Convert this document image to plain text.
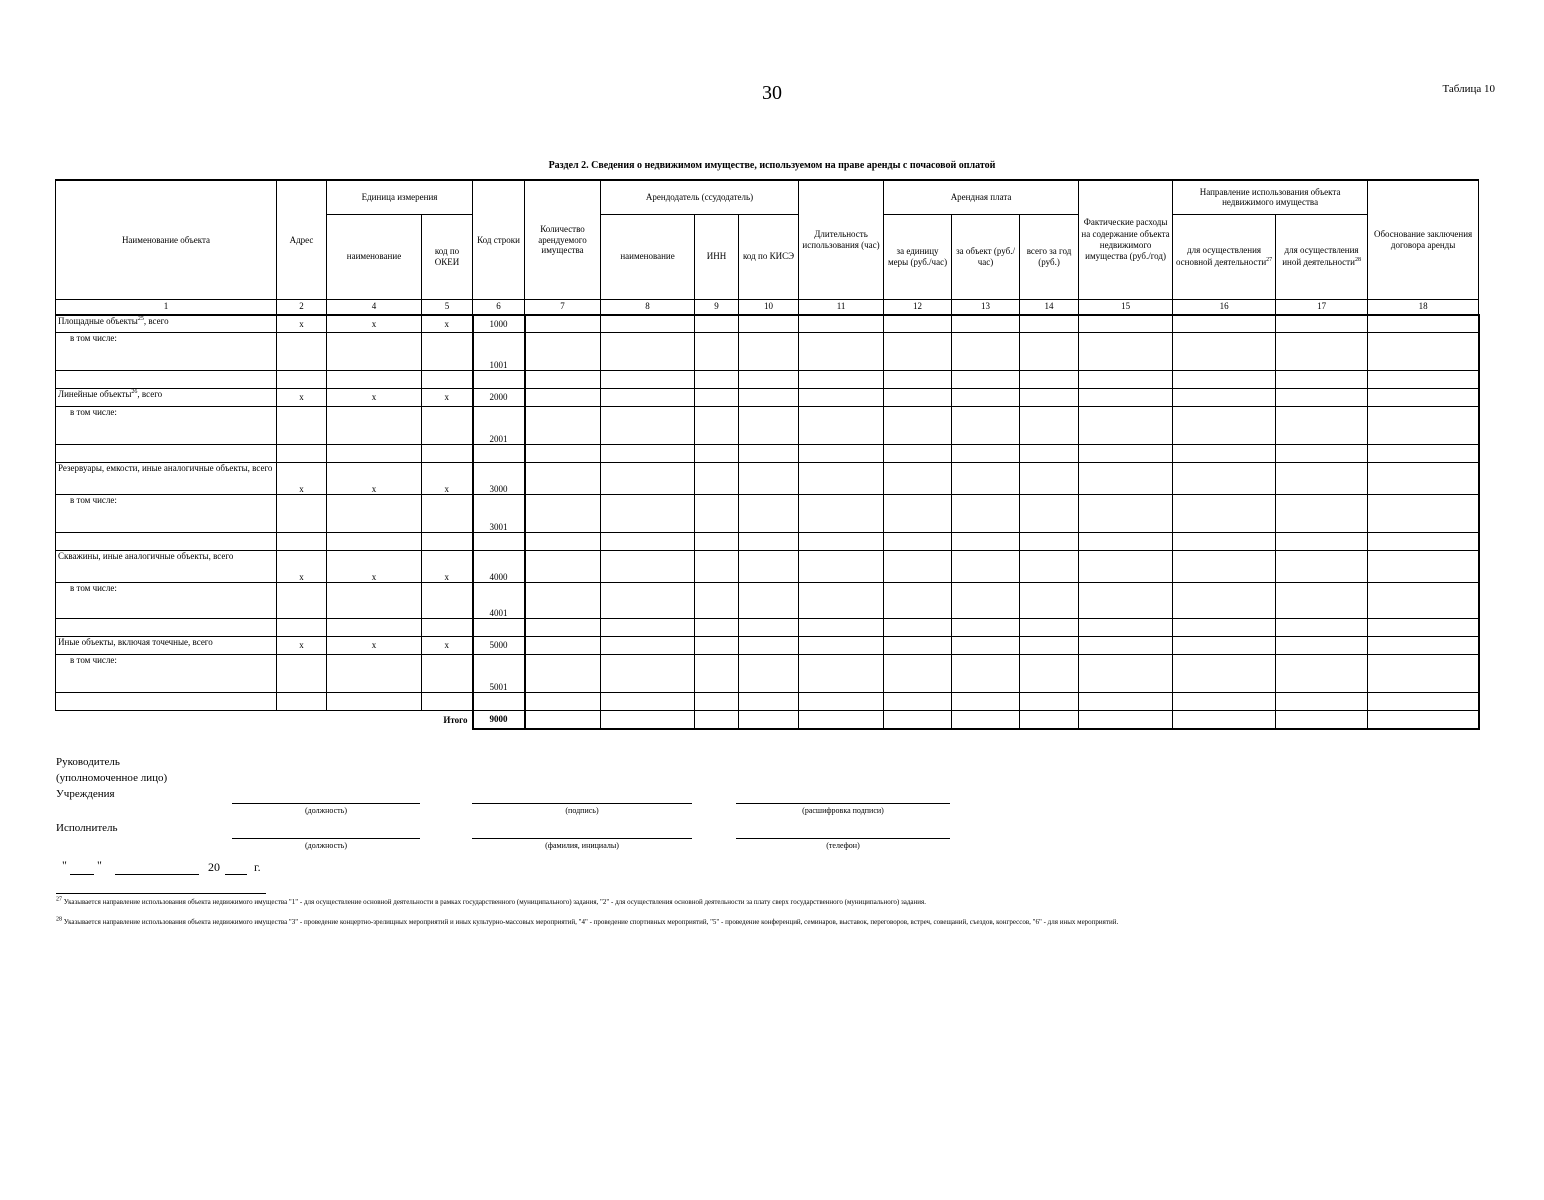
30	Таблица 10
Раздел 2. Сведения о недвижимом имуществе, используемом на праве аренды с почасовой оплатой
Наименование объекта	Адрес	Единица измерения		Код строки	Количество арендуемого имущества	Арендодатель (ссудодатель)			Длительность использования (час)	Арендная плата			Фактические расходы на содержание объекта недвижимого имущества (руб./год)	Направление использования объекта недвижимого имущества		Обоснование заключения договора аренды
		наименование	код по ОКЕИ			наименование	ИНН	код по КИСЭ		за единицу меры (руб./час)	за объект (руб./час)	всего за год (руб.)		для осуществления основной деятельности$^{27}$	для осуществления иной деятельности$^{28}$
1	2	4	5	6	7	8	9	10	11	12	13	14	15	16	17	18
Площадные объекты$^{25}$, всего	x	x	x	1000												
в том числе:				1001												

Линейные объекты$^{26}$, всего	x	x	x	2000												
в том числе:				2001												

Резервуары, емкости, иные аналогичные объекты, всего	x	x	x	3000												
в том числе:				3001												

Скважины, иные аналогичные объекты, всего	x	x	x	4000												
в том числе:				4001												

Иные объекты, включая точечные, всего	x	x	x	5000												
в том числе:				5001												

Итого				9000												
Руководитель
(уполномоченное лицо)
Учреждения
(должность)	(подпись)	(расшифровка подписи)
Исполнитель
(должность)	(фамилия, инициалы)	(телефон)
"	"	20	г.
$^{27}$ Указывается направление использования объекта недвижимого имущества "1" - для осуществление основной деятельности в рамках государственного (муниципального) задания, "2" - для осуществления основной деятельности за плату сверх государственного (муниципального) задания.
$^{28}$ Указывается направление использования объекта недвижимого имущества "3" - проведение концертно-зрелищных мероприятий и иных культурно-массовых мероприятий, "4" - проведение спортивных мероприятий, "5" - проведение конференций, семинаров, выставок, переговоров, встреч, совещаний, съездов, конгрессов, "6" - для иных мероприятий.
